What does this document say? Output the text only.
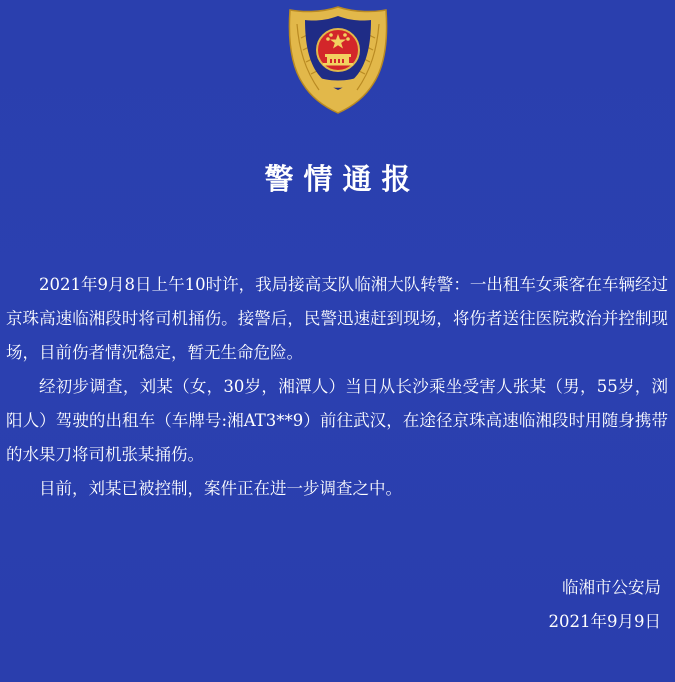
警情通报

2021年9月8日上午10时许，我局接高支队临湘大队转警：一出租车女乘客在车辆经过京珠高速临湘段时将司机捅伤。接警后，民警迅速赶到现场，将伤者送往医院救治并控制现场，目前伤者情况稳定，暂无生命危险。

经初步调查，刘某（女，30岁，湘潭人）当日从长沙乘坐受害人张某（男，55岁，浏阳人）驾驶的出租车（车牌号:湘AT3**9）前往武汉，在途径京珠高速临湘段时用随身携带的水果刀将司机张某捅伤。

目前，刘某已被控制，案件正在进一步调查之中。

临湘市公安局
2021年9月9日
